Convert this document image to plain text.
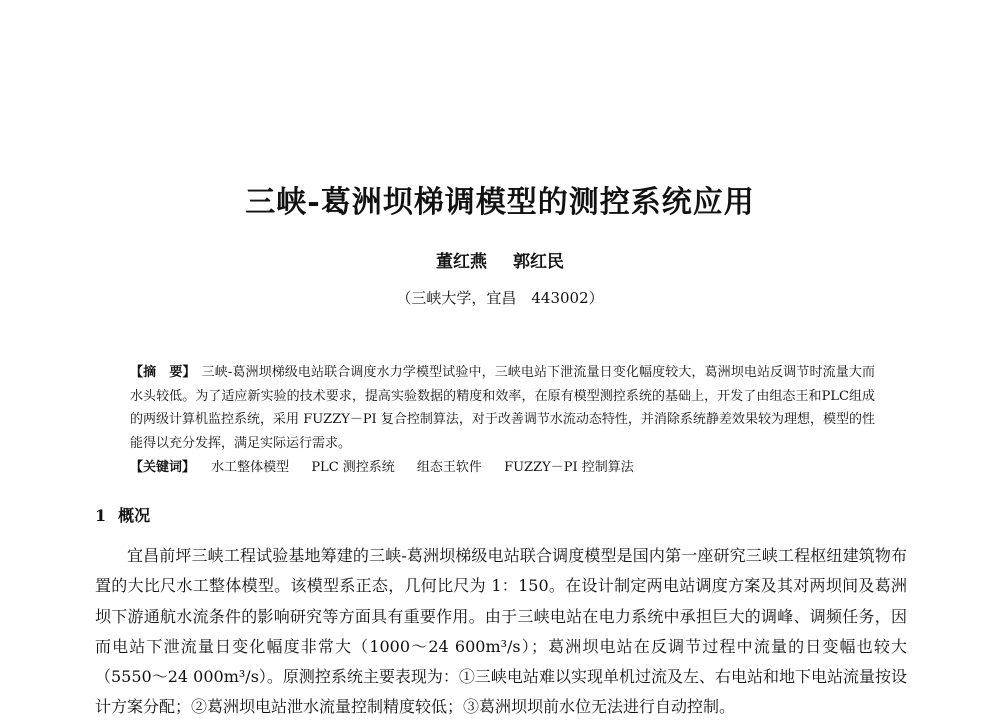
三峡-葛洲坝梯调模型的测控系统应用
董红燕 郭红民
（三峡大学，宜昌　443002）
【摘　要】 三峡-葛洲坝梯级电站联合调度水力学模型试验中，三峡电站下泄流量日变化幅度较大，葛洲坝电站反调节时流量大而水头较低。为了适应新实验的技术要求，提高实验数据的精度和效率，在原有模型测控系统的基础上，开发了由组态王和PLC组成的两级计算机监控系统，采用 FUZZY－PI 复合控制算法，对于改善调节水流动态特性，并消除系统静差效果较为理想，模型的性能得以充分发挥，满足实际运行需求。
【关键词】 水工整体模型 PLC 测控系统 组态王软件 FUZZY－PI 控制算法
1 概况
宜昌前坪三峡工程试验基地筹建的三峡-葛洲坝梯级电站联合调度模型是国内第一座研究三峡工程枢纽建筑物布置的大比尺水工整体模型。该模型系正态，几何比尺为 1：150。在设计制定两电站调度方案及其对两坝间及葛洲坝下游通航水流条件的影响研究等方面具有重要作用。由于三峡电站在电力系统中承担巨大的调峰、调频任务，因而电站下泄流量日变化幅度非常大（1000～24 600m³/s）；葛洲坝电站在反调节过程中流量的日变幅也较大（5550～24 000m³/s）。原测控系统主要表现为：①三峡电站难以实现单机过流及左、右电站和地下电站流量按设计方案分配；②葛洲坝电站泄水流量控制精度较低；③葛洲坝坝前水位无法进行自动控制。
